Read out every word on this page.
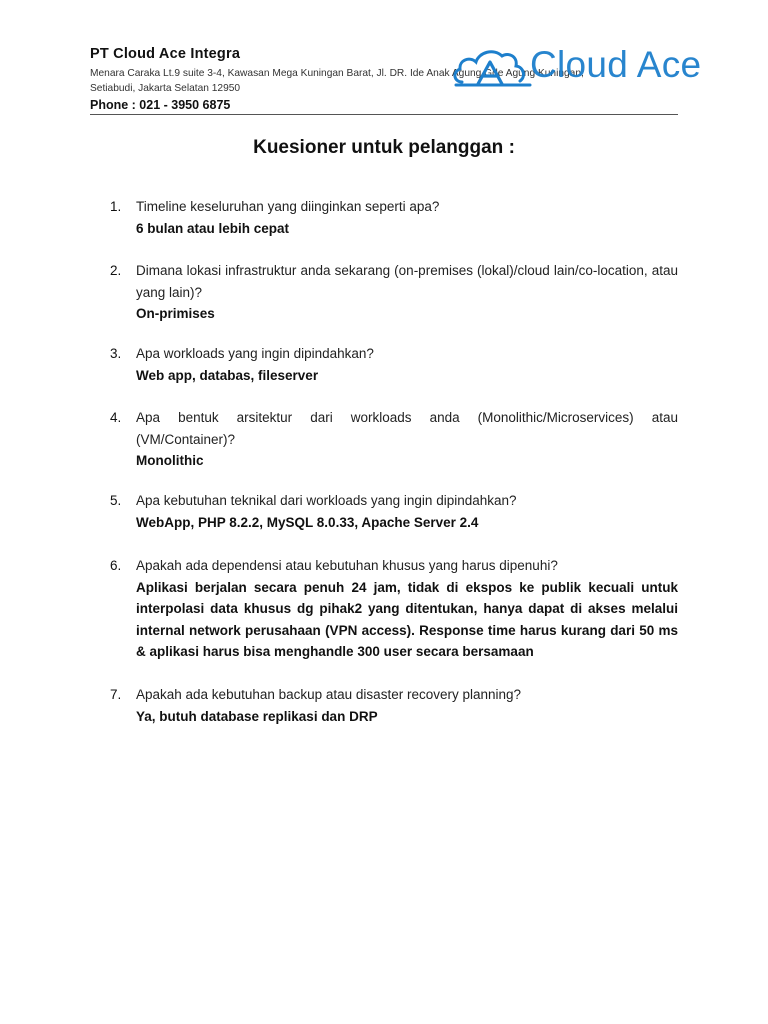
PT Cloud Ace Integra
Menara Caraka Lt.9 suite 3-4, Kawasan Mega Kuningan Barat, Jl. DR. Ide Anak Agung Gde Agung Kuningan,
Setiabudi, Jakarta Selatan 12950
Phone : 021 - 3950 6875
Cloud Ace
Kuesioner untuk pelanggan :
1.	Timeline keseluruhan yang diinginkan seperti apa?
6 bulan atau lebih cepat
2.	Dimana lokasi infrastruktur anda sekarang (on-premises (lokal)/cloud lain/co-location, atau yang lain)?
On-primises
3.	Apa workloads yang ingin dipindahkan?
Web app, databas, fileserver
4.	Apa bentuk arsitektur dari workloads anda (Monolithic/Microservices) atau (VM/Container)?
Monolithic
5.	Apa kebutuhan teknikal dari workloads yang ingin dipindahkan?
WebApp, PHP 8.2.2, MySQL 8.0.33, Apache Server 2.4
6.	Apakah ada dependensi atau kebutuhan khusus yang harus dipenuhi?
Aplikasi berjalan secara penuh 24 jam, tidak di ekspos ke publik kecuali untuk interpolasi data khusus dg pihak2 yang ditentukan, hanya dapat di akses melalui internal network perusahaan (VPN access). Response time harus kurang dari 50 ms & aplikasi harus bisa menghandle 300 user secara bersamaan
7.	Apakah ada kebutuhan backup atau disaster recovery planning?
Ya, butuh database replikasi dan DRP
